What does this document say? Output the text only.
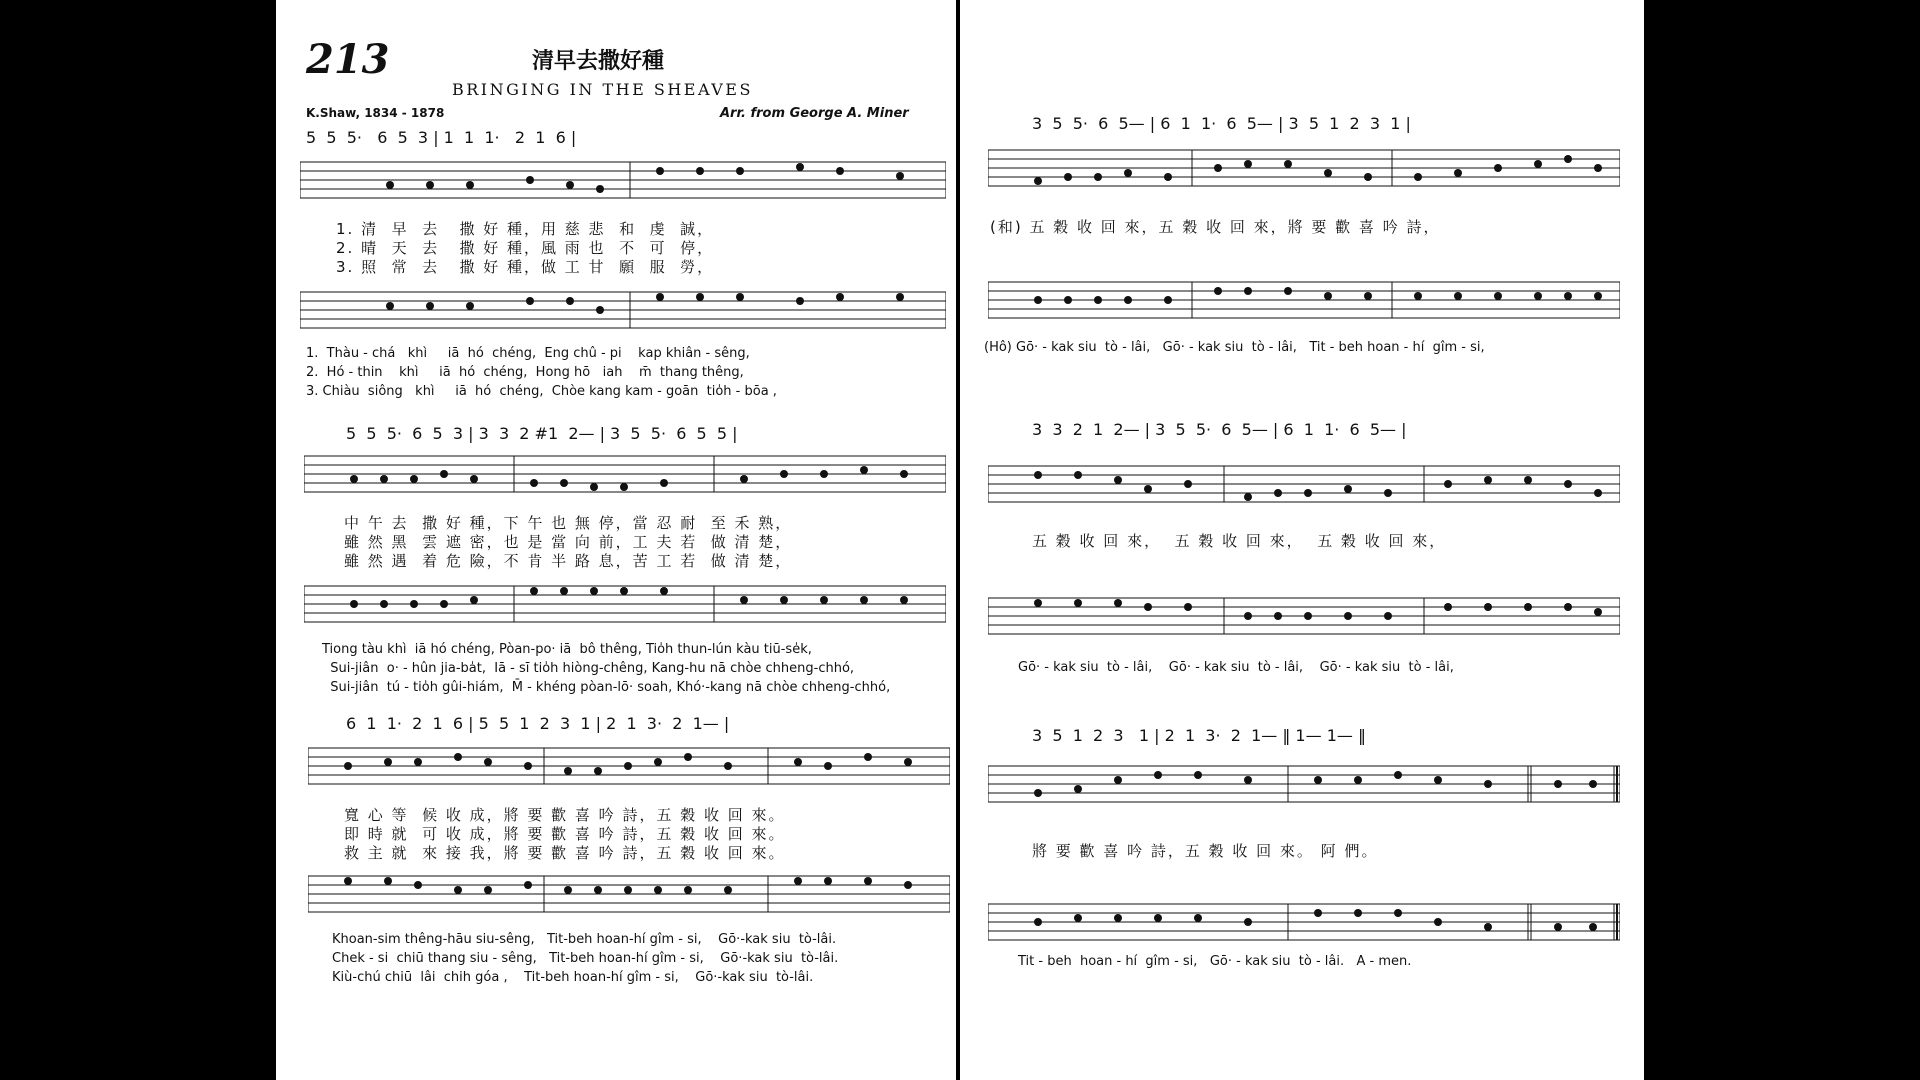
213	清早去撒好種
BRINGING IN THE SHEAVES
K.Shaw, 1834 - 1878	Arr. from George A. Miner
5  5  5·   6  5  3 | 1  1  1·   2  1  6 |
1. 清  早  去   撒 好 種，用 慈 悲  和  虔  誠，
2. 晴  天  去   撒 好 種，風 雨 也  不  可  停，
3. 照  常  去   撒 好 種，做 工 甘  願  服  勞，
1.  Thàu - chá   khì     iā  hó  chéng,  Eng chû - pi    kap khiân - sêng,
2.  Hó - thin    khì     iā  hó  chéng,  Hong hō   iah    m̄  thang thêng,
3. Chiàu  siông   khì     iā  hó  chéng,  Chòe kang kam - goān  tio̍h - bōa ,
5  5  5·  6  5  3 | 3  3  2 #1  2— | 3  5  5·  6  5  5 |
中 午 去  撒 好 種，下 午 也 無 停，當 忍 耐  至 禾 熟，
雖 然 黑  雲 遮 密，也 是 當 向 前，工 夫 若  做 清 楚，
雖 然 遇  着 危 險，不 肯 半 路 息，苦 工 若  做 清 楚，
Tiong tàu khì  iā hó chéng, Pòan-po· iā  bô thêng, Tio̍h thun-lún kàu tiū-se̍k,
Sui-jiân  o· - hûn jia-ba̍t,  Iā - sī tio̍h hiòng-chêng, Kang-hu nā chòe chheng-chhó,
Sui-jiân  tú - tio̍h gûi-hiám,  M̄ - khéng pòan-lō· soah, Khó·-kang nā chòe chheng-chhó,
6  1  1·  2  1  6 | 5  5  1  2  3  1 | 2  1  3·  2  1— |
寬 心 等  候 收 成，將 要 歡 喜 吟 詩，五 穀 收 回 來。
即 時 就  可 收 成，將 要 歡 喜 吟 詩，五 穀 收 回 來。
救 主 就  來 接 我，將 要 歡 喜 吟 詩，五 穀 收 回 來。
Khoan-sim thêng-hāu siu-sêng,   Tit-beh hoan-hí gîm - si,    Gō·-kak siu  tò-lâi.
Chek - si  chiū thang siu - sêng,   Tit-beh hoan-hí gîm - si,    Gō·-kak siu  tò-lâi.
Kiù-chú chiū  lâi  chih góa ,    Tit-beh hoan-hí gîm - si,    Gō·-kak siu  tò-lâi.
3  5  5·  6  5— | 6  1  1·  6  5— | 3  5  1  2  3  1 |
(和) 五 穀 收 回 來，五 穀 收 回 來，將 要 歡 喜 吟 詩，
(Hô) Gō· - kak siu  tò - lâi,   Gō· - kak siu  tò - lâi,   Tit - beh hoan - hí  gîm - si,
3  3  2  1  2— | 3  5  5·  6  5— | 6  1  1·  6  5— |
五 穀 收 回 來，  五 穀 收 回 來，  五 穀 收 回 來，
Gō· - kak siu  tò - lâi,    Gō· - kak siu  tò - lâi,    Gō· - kak siu  tò - lâi,
3  5  1  2  3   1 | 2  1  3·  2  1— ‖ 1— 1— ‖
將 要 歡 喜 吟 詩，五 穀 收 回 來。 阿 們。
Tit - beh  hoan - hí  gîm - si,   Gō· - kak siu  tò - lâi.   A - men.
